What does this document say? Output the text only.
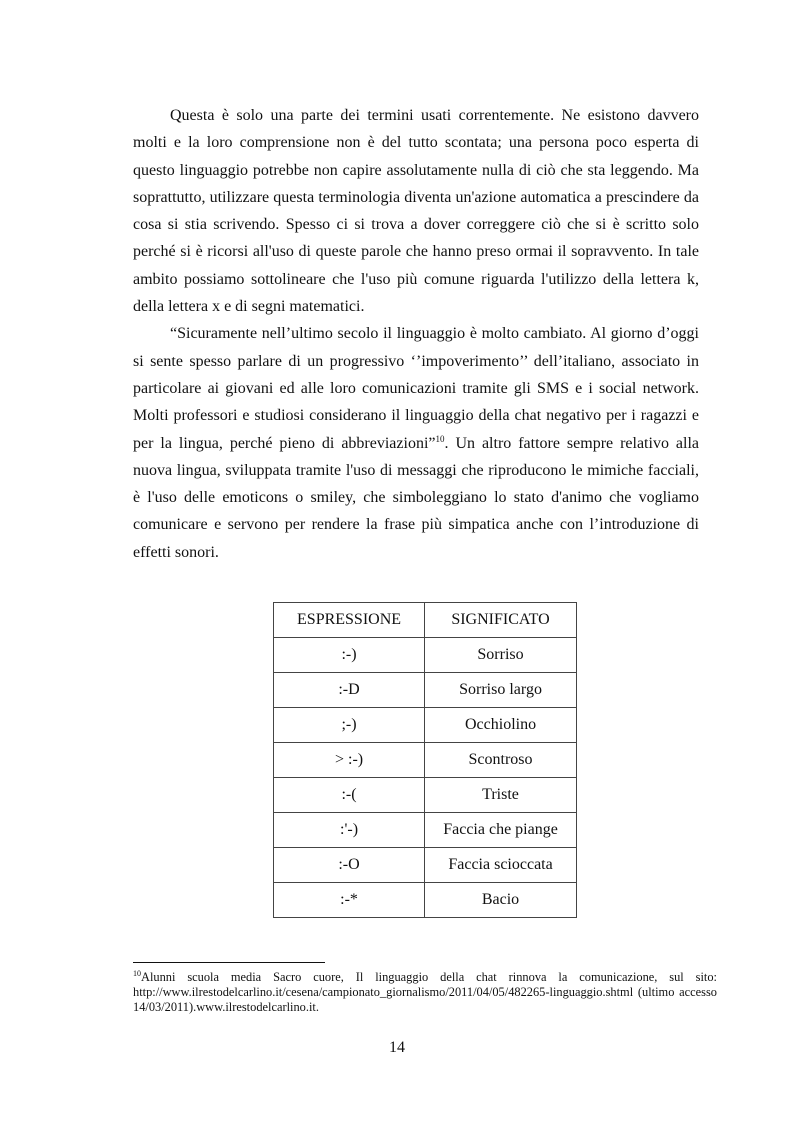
Questa è solo una parte dei termini usati correntemente. Ne esistono davvero molti e la loro comprensione non è del tutto scontata; una persona poco esperta di questo linguaggio potrebbe non capire assolutamente nulla di ciò che sta leggendo. Ma soprattutto, utilizzare questa terminologia diventa un'azione automatica a prescindere da cosa si stia scrivendo. Spesso ci si trova a dover correggere ciò che si è scritto solo perché si è ricorsi all'uso di queste parole che hanno preso ormai il sopravvento. In tale ambito possiamo sottolineare che l'uso più comune riguarda l'utilizzo della lettera k, della lettera x e di segni matematici.

“Sicuramente nell’ultimo secolo il linguaggio è molto cambiato. Al giorno d’oggi si sente spesso parlare di un progressivo ‘’impoverimento’’ dell’italiano, associato in particolare ai giovani ed alle loro comunicazioni tramite gli SMS e i social network. Molti professori e studiosi considerano il linguaggio della chat negativo per i ragazzi e per la lingua, perché pieno di abbreviazioni”$^{10}$. Un altro fattore sempre relativo alla nuova lingua, sviluppata tramite l'uso di messaggi che riproducono le mimiche facciali, è l'uso delle emoticons o smiley, che simboleggiano lo stato d'animo che vogliamo comunicare e servono per rendere la frase più simpatica anche con l’introduzione di effetti sonori.

ESPRESSIONE	SIGNIFICATO
:-)	Sorriso
:-D	Sorriso largo
;-)	Occhiolino
> :-)	Scontroso
:-(	Triste
:'-)	Faccia che piange
:-O	Faccia scioccata
:-*	Bacio
$^{10}$Alunni scuola media Sacro cuore, Il linguaggio della chat rinnova la comunicazione, sul sito: http://www.ilrestodelcarlino.it/cesena/campionato_giornalismo/2011/04/05/482265-linguaggio.shtml (ultimo accesso 14/03/2011).www.ilrestodelcarlino.it.
14
